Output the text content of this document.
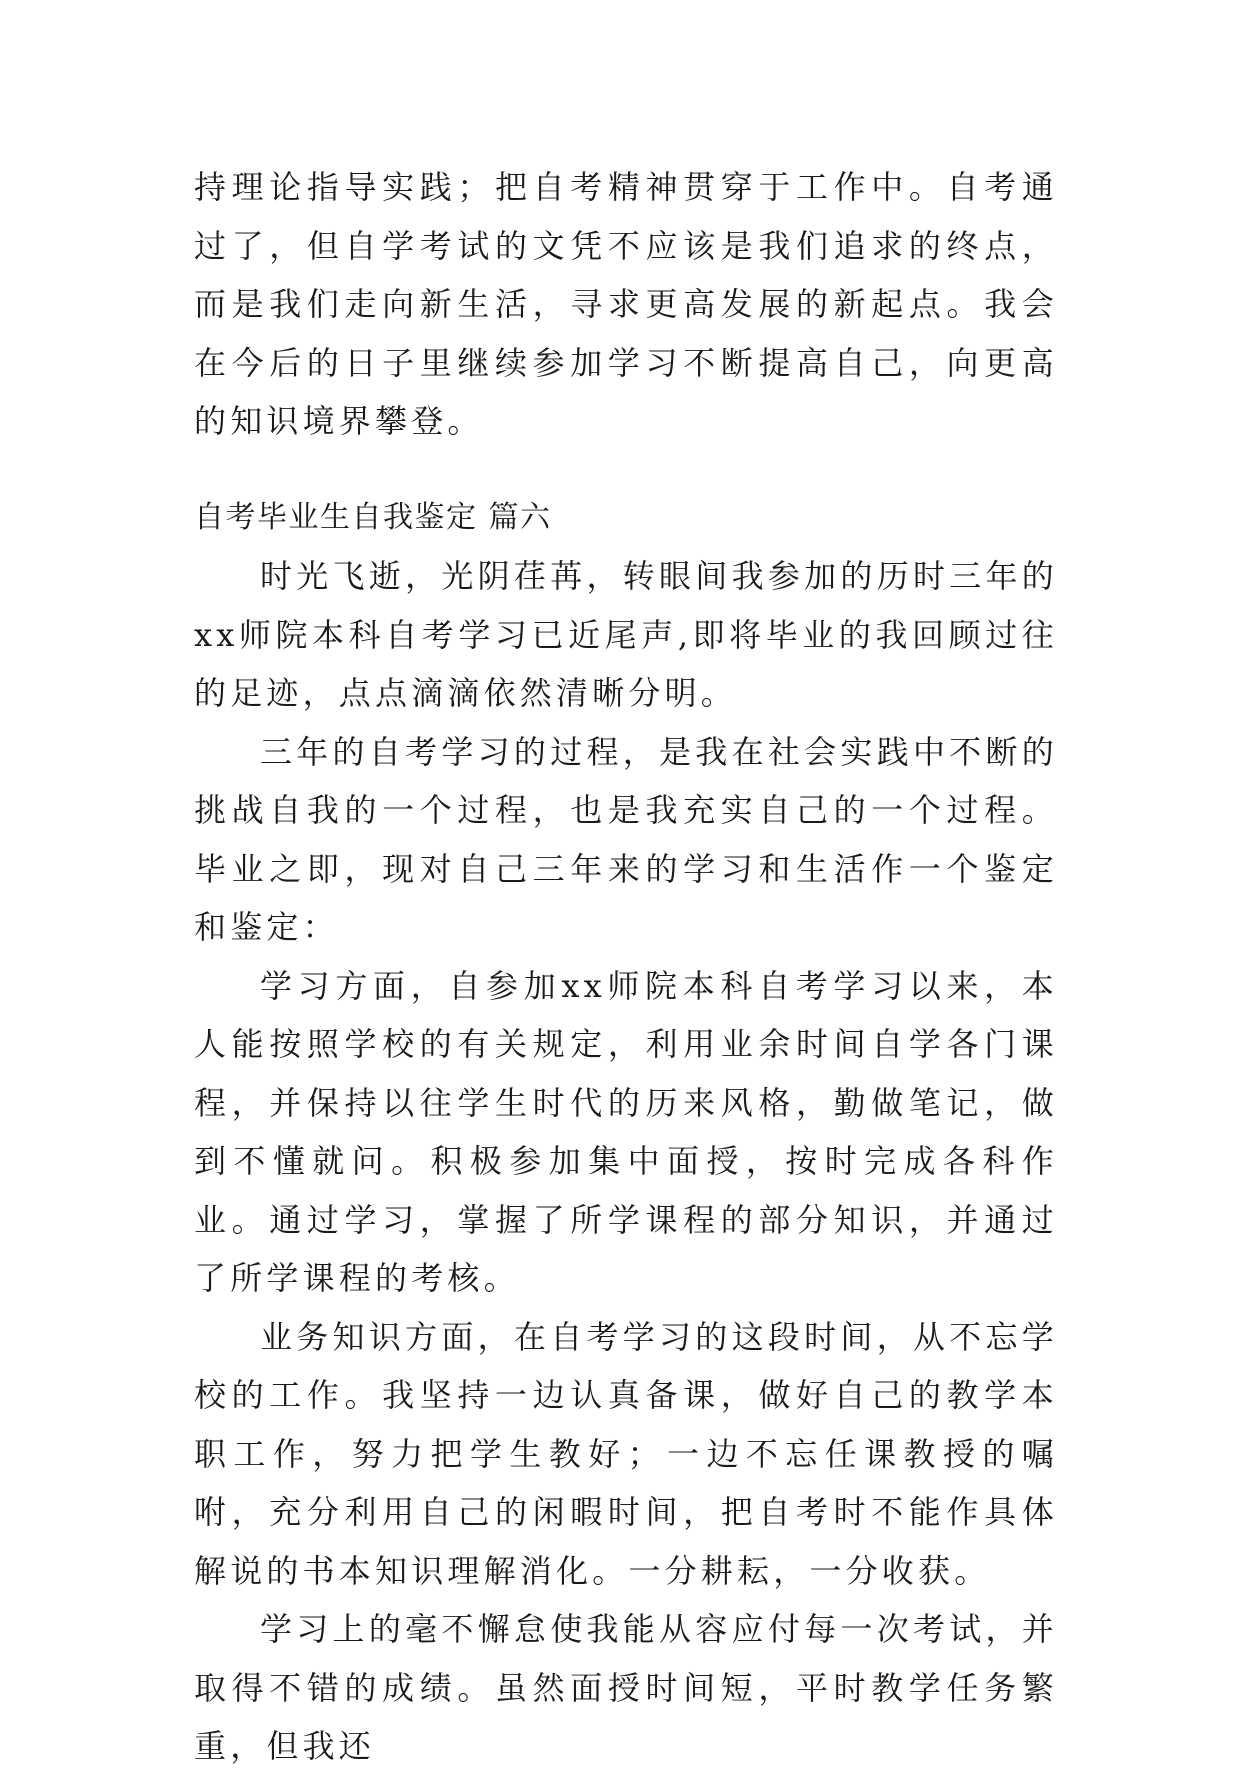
持理论指导实践；把自考精神贯穿于工作中。自考通过了，但自学考试的文凭不应该是我们追求的终点，而是我们走向新生活，寻求更高发展的新起点。我会在今后的日子里继续参加学习不断提高自己，向更高的知识境界攀登。

自考毕业生自我鉴定 篇六

时光飞逝，光阴荏苒，转眼间我参加的历时三年的xx师院本科自考学习已近尾声,即将毕业的我回顾过往的足迹，点点滴滴依然清晰分明。

三年的自考学习的过程，是我在社会实践中不断的挑战自我的一个过程，也是我充实自己的一个过程。毕业之即，现对自己三年来的学习和生活作一个鉴定和鉴定：

学习方面，自参加xx师院本科自考学习以来，本人能按照学校的有关规定，利用业余时间自学各门课程，并保持以往学生时代的历来风格，勤做笔记，做到不懂就问。积极参加集中面授，按时完成各科作业。通过学习，掌握了所学课程的部分知识，并通过了所学课程的考核。

业务知识方面，在自考学习的这段时间，从不忘学校的工作。我坚持一边认真备课，做好自己的教学本职工作，努力把学生教好；一边不忘任课教授的嘱咐，充分利用自己的闲暇时间，把自考时不能作具体解说的书本知识理解消化。一分耕耘，一分收获。

学习上的毫不懈怠使我能从容应付每一次考试，并取得不错的成绩。虽然面授时间短，平时教学任务繁重，但我还
